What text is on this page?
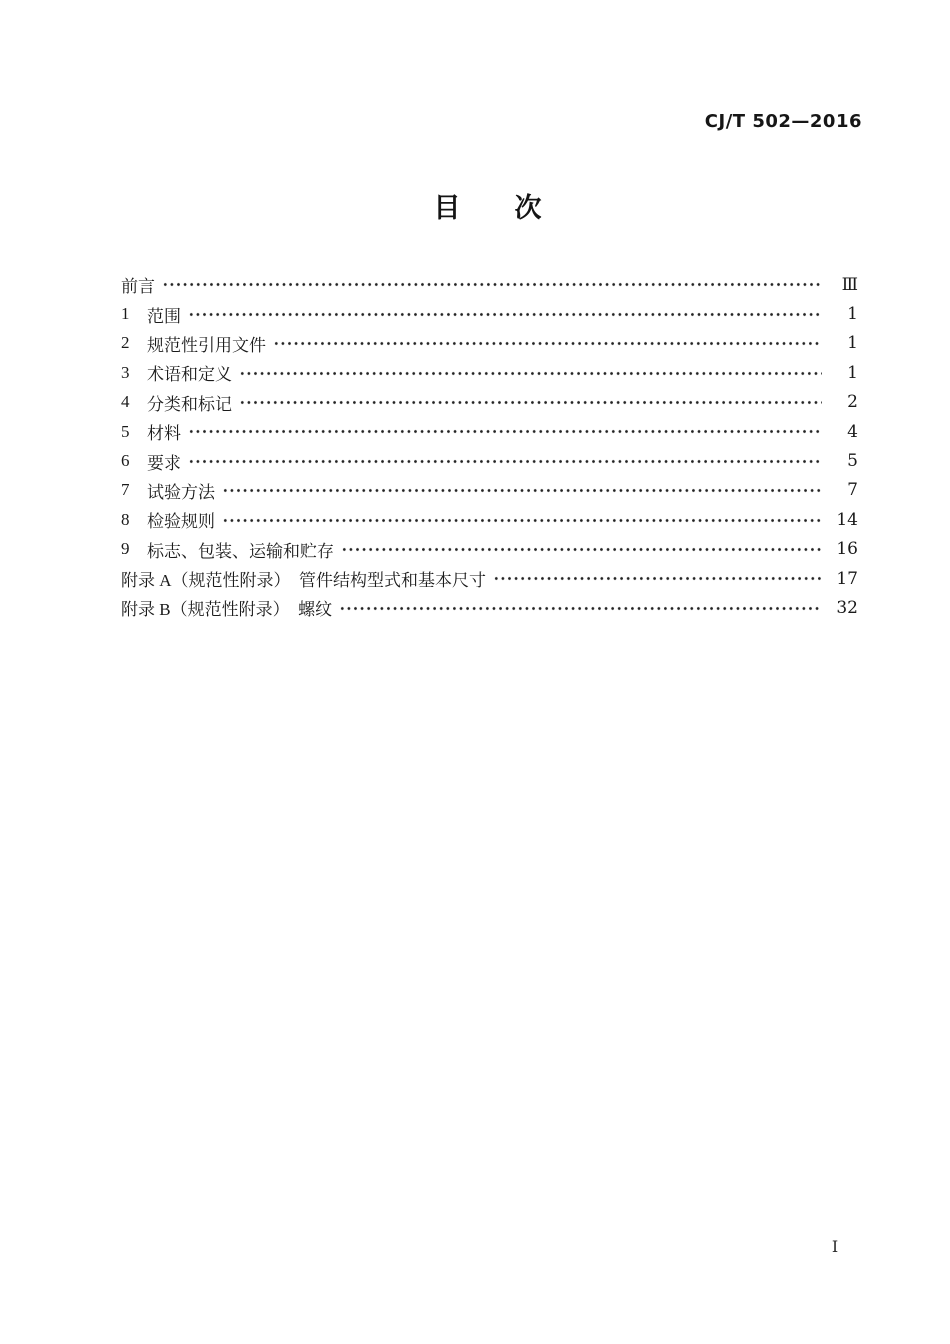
CJ/T 502—2016
目　　次
前言	Ⅲ
1	范围	1
2	规范性引用文件	1
3	术语和定义	1
4	分类和标记	2
5	材料	4
6	要求	5
7	试验方法	7
8	检验规则	14
9	标志、包装、运输和贮存	16
附录 A（规范性附录）　管件结构型式和基本尺寸	17
附录 B（规范性附录）　螺纹	32
Ⅰ
